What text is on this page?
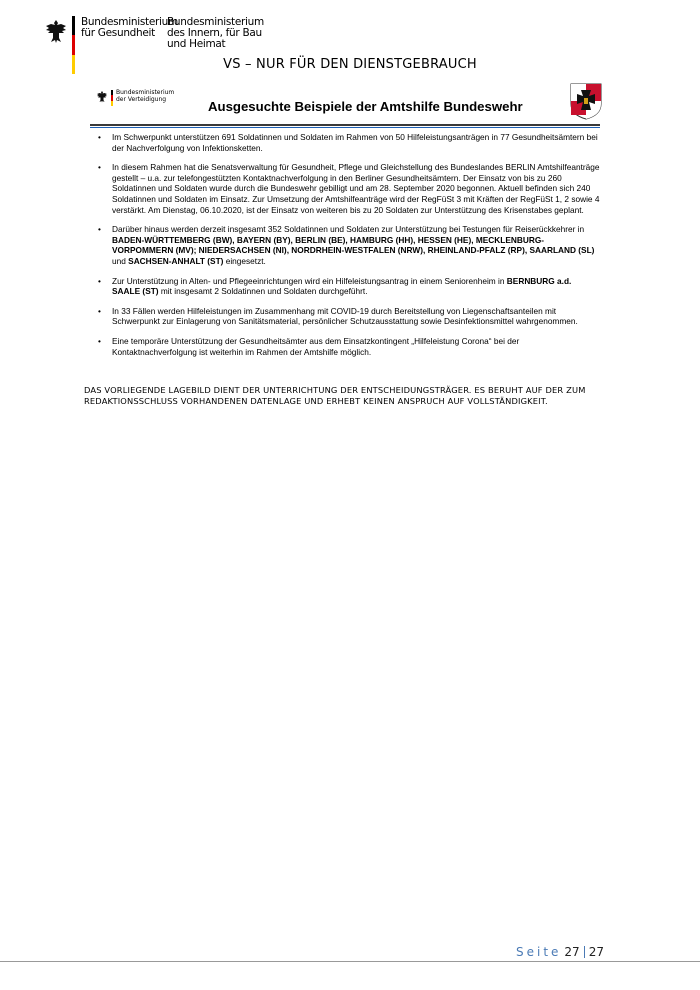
Bundesministerium
für Gesundheit
Bundesministerium
des Innern, für Bau
und Heimat
VS – NUR FÜR DEN DIENSTGEBRAUCH
Bundesministerium
der Verteidigung	Ausgesuchte Beispiele der Amtshilfe Bundeswehr
• Im Schwerpunkt unterstützen 691 Soldatinnen und Soldaten im Rahmen von 50 Hilfeleistungsanträgen in 77 Gesundheitsämtern bei der Nachverfolgung von Infektionsketten.
• In diesem Rahmen hat die Senatsverwaltung für Gesundheit, Pflege und Gleichstellung des Bundeslandes BERLIN Amtshilfeanträge gestellt – u.a. zur telefongestützten Kontaktnachverfolgung in den Berliner Gesundheitsämtern. Der Einsatz von bis zu 260 Soldatinnen und Soldaten wurde durch die Bundeswehr gebilligt und am 28. September 2020 begonnen. Aktuell befinden sich 240 Soldatinnen und Soldaten im Einsatz. Zur Umsetzung der Amtshilfeanträge wird der RegFüSt 3 mit Kräften der RegFüSt 1, 2 sowie 4 verstärkt. Am Dienstag, 06.10.2020, ist der Einsatz von weiteren bis zu 20 Soldaten zur Unterstützung des Krisenstabes geplant.
• Darüber hinaus werden derzeit insgesamt 352 Soldatinnen und Soldaten zur Unterstützung bei Testungen für Reiserückkehrer in BADEN-WÜRTTEMBERG (BW), BAYERN (BY), BERLIN (BE), HAMBURG (HH), HESSEN (HE), MECKLENBURG-VORPOMMERN (MV); NIEDERSACHSEN (NI), NORDRHEIN-WESTFALEN (NRW), RHEINLAND-PFALZ (RP), SAARLAND (SL) und SACHSEN-ANHALT (ST) eingesetzt.
• Zur Unterstützung in Alten- und Pflegeeinrichtungen wird ein Hilfeleistungsantrag in einem Seniorenheim in BERNBURG a.d. SAALE (ST) mit insgesamt 2 Soldatinnen und Soldaten durchgeführt.
• In 33 Fällen werden Hilfeleistungen im Zusammenhang mit COVID-19 durch Bereitstellung von Liegenschaftsanteilen mit Schwerpunkt zur Einlagerung von Sanitätsmaterial, persönlicher Schutzausstattung sowie Desinfektionsmittel wahrgenommen.
• Eine temporäre Unterstützung der Gesundheitsämter aus dem Einsatzkontingent „Hilfeleistung Corona“ bei der Kontaktnachverfolgung ist weiterhin im Rahmen der Amtshilfe möglich.
DAS VORLIEGENDE LAGEBILD DIENT DER UNTERRICHTUNG DER ENTSCHEIDUNGSTRÄGER. ES BERUHT AUF DER ZUM REDAKTIONSSCHLUSS VORHANDENEN DATENLAGE UND ERHEBT KEINEN ANSPRUCH AUF VOLLSTÄNDIGKEIT.
Seite 27 27
